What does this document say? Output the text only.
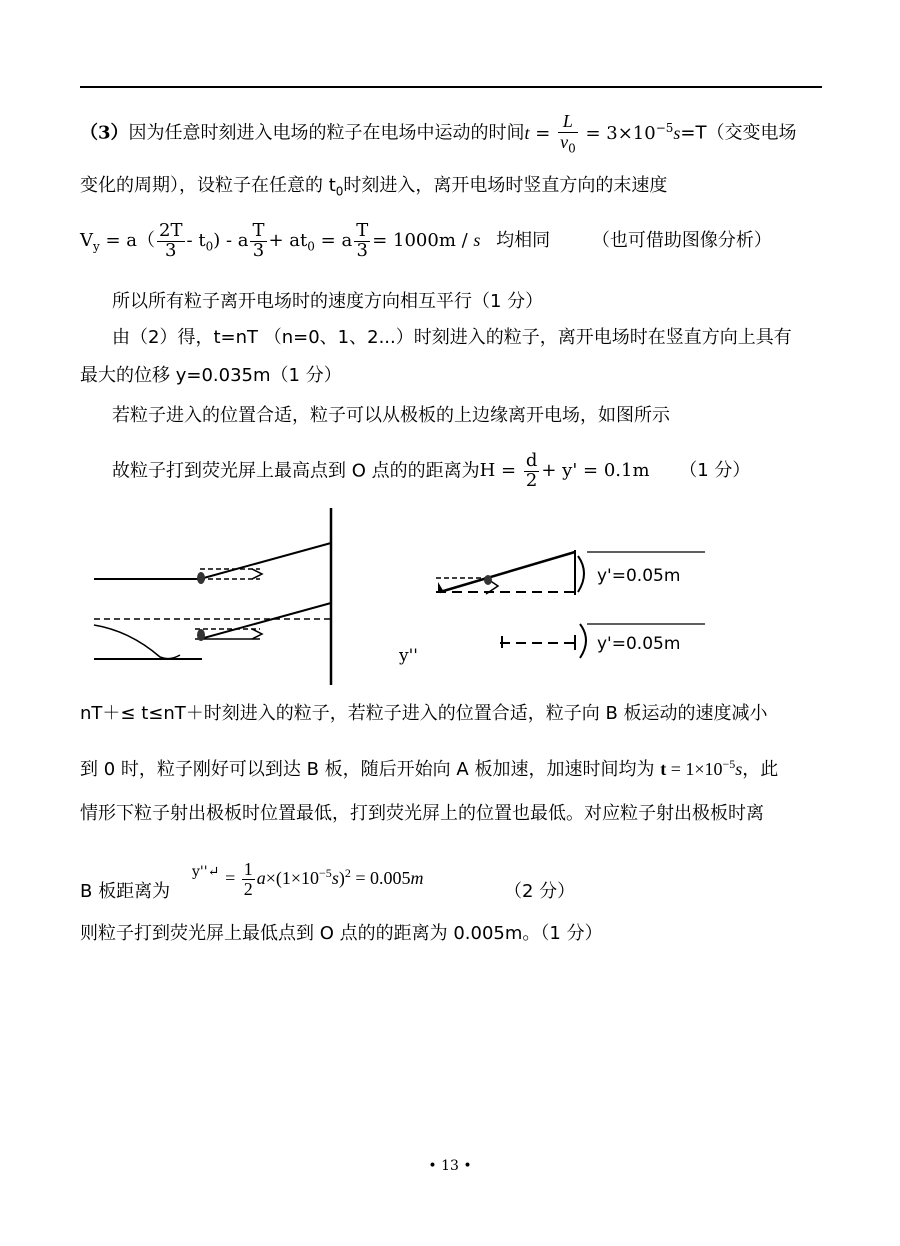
（3）因为任意时刻进入电场的粒子在电场中运动的时间$t = \frac{L}{v_0} = 3\times 10^{-5}s=T$（交变电场
变化的周期），设粒子在任意的 $t_0$时刻进入，离开电场时竖直方向的末速度
$V_y = a( \frac{2T}{3} - t_0) - a \frac{T}{3} + at_0 = a \frac{T}{3} = 1000m / s$ 均相同 （也可借助图像分析）
所以所有粒子离开电场时的速度方向相互平行（1 分）
由（2）得，t=nT （n=0、1、2...）时刻进入的粒子，离开电场时在竖直方向上具有
最大的位移 y=0.035m（1 分）
若粒子进入的位置合适，粒子可以从极板的上边缘离开电场，如图所示
故粒子打到荧光屏上最高点到 O 点的的距离为$H = \frac{d}{2} + y' = 0.1m$ （1 分）
y''
y'=0.05m
y'=0.05m
nT＋≤ t≤nT＋时刻进入的粒子，若粒子进入的位置合适，粒子向 B 板运动的速度减小
到 0 时，粒子刚好可以到达 B 板，随后开始向 A 板加速，加速时间均为 $t = 1\times 10^{-5}s$，此
情形下粒子射出极板时位置最低，打到荧光屏上的位置也最低。对应粒子射出极板时离
B 板距离为
$^{y''↵} = \frac{1}{2} a\times(1\times 10^{-5}s)^2 = 0.005m$
（2 分）
则粒子打到荧光屏上最低点到 O 点的的距离为 0.005m。（1 分）
• 13 •
